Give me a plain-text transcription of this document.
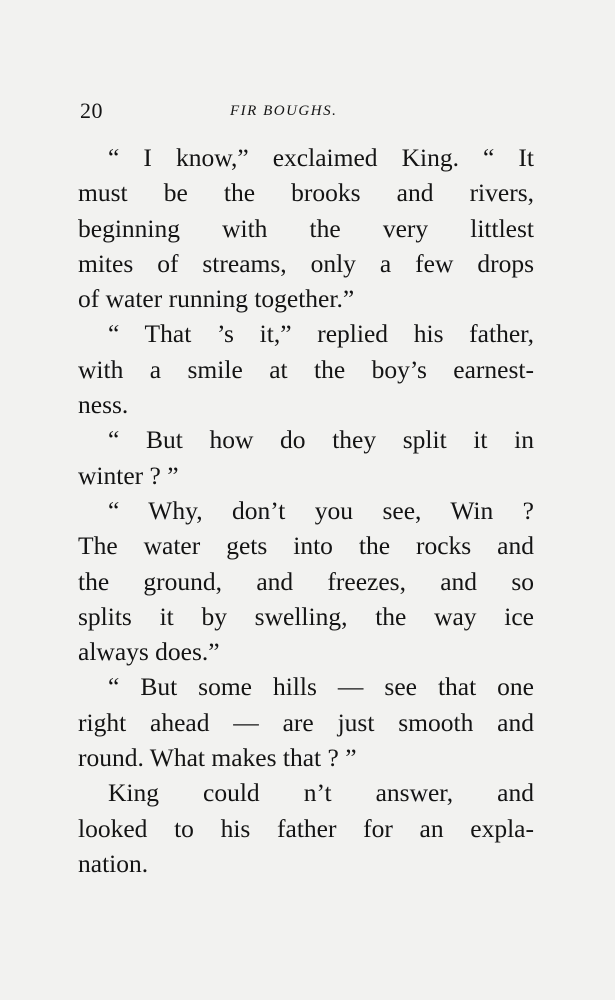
20	FIR BOUGHS.
“ I know,” exclaimed King. “ It
must be the brooks and rivers,
beginning with the very littlest
mites of streams, only a few drops
of water running together.”
“ That ’s it,” replied his father,
with a smile at the boy’s earnest-
ness.
“ But how do they split it in
winter ? ”
“ Why, don’t you see, Win ?
The water gets into the rocks and
the ground, and freezes, and so
splits it by swelling, the way ice
always does.”
“ But some hills — see that one
right ahead — are just smooth and
round. What makes that ? ”
King could n’t answer, and
looked to his father for an expla-
nation.
